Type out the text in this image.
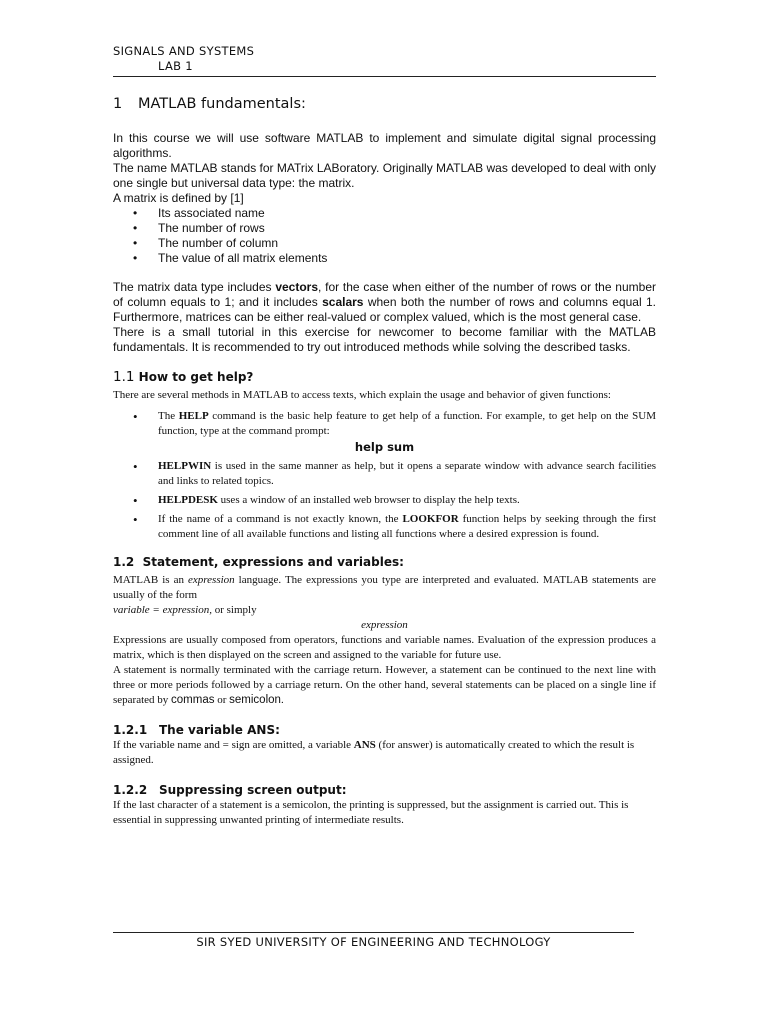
SIGNALS AND SYSTEMS
LAB 1
1 MATLAB fundamentals:

In this course we will use software MATLAB to implement and simulate digital signal processing algorithms.

The name MATLAB stands for MATrix LABoratory. Originally MATLAB was developed to deal with only one single but universal data type: the matrix.

A matrix is defined by [1]

• Its associated name
• The number of rows
• The number of column
• The value of all matrix elements

The matrix data type includes vectors, for the case when either of the number of rows or the number of column equals to 1; and it includes scalars when both the number of rows and columns equal 1. Furthermore, matrices can be either real-valued or complex valued, which is the most general case.

There is a small tutorial in this exercise for newcomer to become familiar with the MATLAB fundamentals. It is recommended to try out introduced methods while solving the described tasks.

1.1 How to get help?

There are several methods in MATLAB to access texts, which explain the usage and behavior of given functions:

• The HELP command is the basic help feature to get help of a function. For example, to get help on the SUM function, type at the command prompt:
help sum
• HELPWIN is used in the same manner as help, but it opens a separate window with advance search facilities and links to related topics.
• HELPDESK uses a window of an installed web browser to display the help texts.
• If the name of a command is not exactly known, the LOOKFOR function helps by seeking through the first comment line of all available functions and listing all functions where a desired expression is found.
1.2 Statement, expressions and variables:

MATLAB is an expression language. The expressions you type are interpreted and evaluated. MATLAB statements are usually of the form

variable = expression, or simply

expression

Expressions are usually composed from operators, functions and variable names. Evaluation of the expression produces a matrix, which is then displayed on the screen and assigned to the variable for future use.

A statement is normally terminated with the carriage return. However, a statement can be continued to the next line with three or more periods followed by a carriage return. On the other hand, several statements can be placed on a single line if separated by commas or semicolon.

1.2.1 The variable ANS:

If the variable name and = sign are omitted, a variable ANS (for answer) is automatically created to which the result is assigned.

1.2.2 Suppressing screen output:

If the last character of a statement is a semicolon, the printing is suppressed, but the assignment is carried out. This is essential in suppressing unwanted printing of intermediate results.

SIR SYED UNIVERSITY OF ENGINEERING AND TECHNOLOGY
